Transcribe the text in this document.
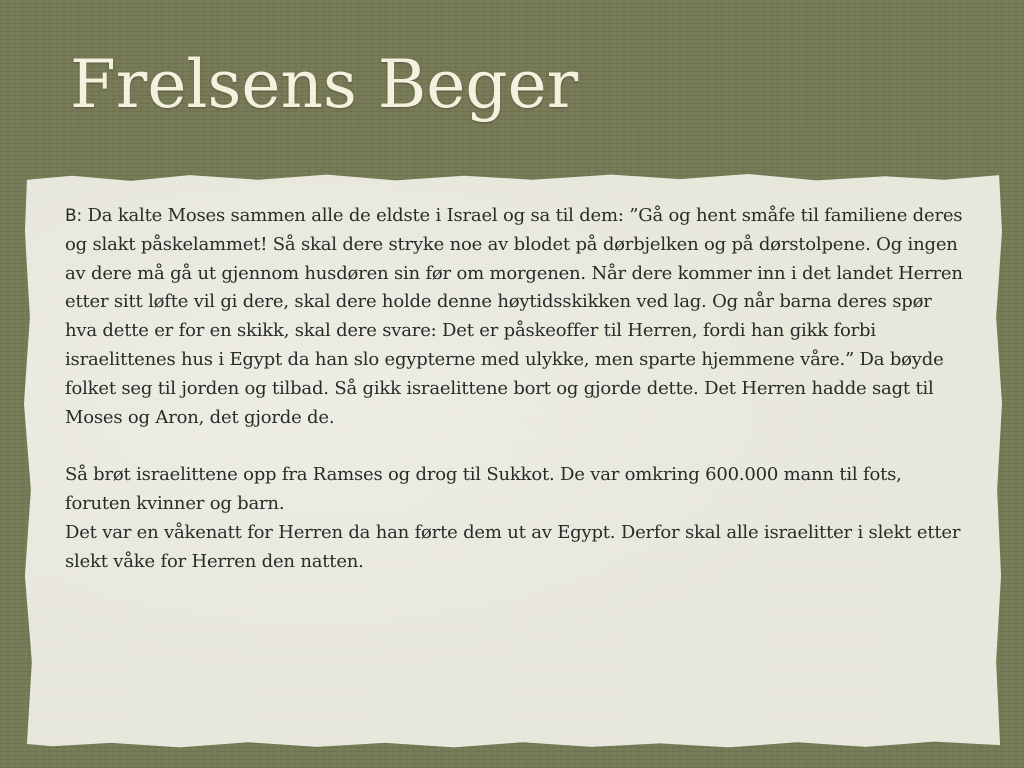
Frelsens Beger

B: Da kalte Moses sammen alle de eldste i Israel og sa til dem: ”Gå og hent småfe til familiene deres og slakt påskelammet! Så skal dere stryke noe av blodet på dørbjelken og på dørstolpene. Og ingen av dere må gå ut gjennom husdøren sin før om morgenen. Når dere kommer inn i det landet Herren etter sitt løfte vil gi dere, skal dere holde denne høytidsskikken ved lag. Og når barna deres spør hva dette er for en skikk, skal dere svare: Det er påskeoffer til Herren, fordi han gikk forbi israelittenes hus i Egypt da han slo egypterne med ulykke, men sparte hjemmene våre.” Da bøyde folket seg til jorden og tilbad. Så gikk israelittene bort og gjorde dette. Det Herren hadde sagt til Moses og Aron, det gjorde de.

Så brøt israelittene opp fra Ramses og drog til Sukkot. De var omkring 600.000 mann til fots, foruten kvinner og barn.

Det var en våkenatt for Herren da han førte dem ut av Egypt. Derfor skal alle israelitter i slekt etter slekt våke for Herren den natten.
